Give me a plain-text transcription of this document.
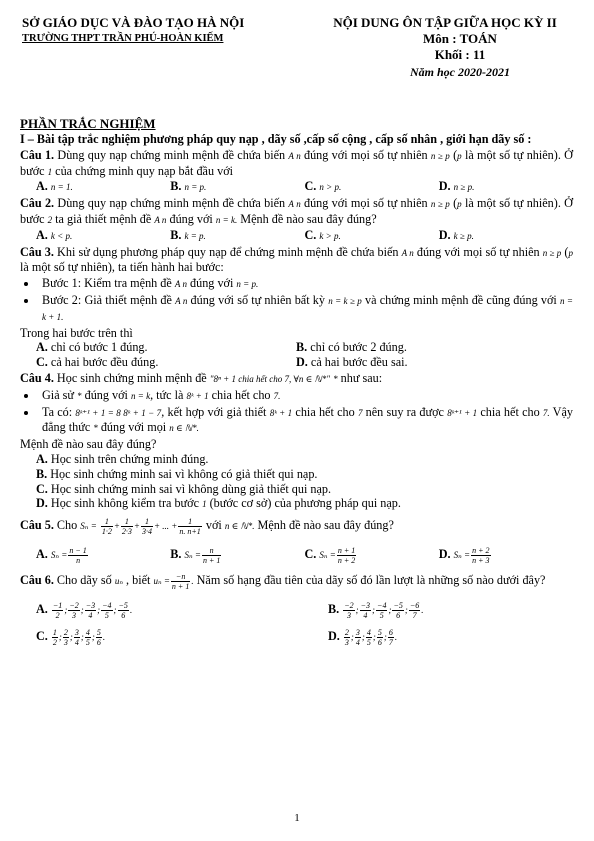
SỞ GIÁO DỤC VÀ ĐÀO TẠO HÀ NỘI
TRƯỜNG THPT TRẦN PHÚ-HOÀN KIẾM
NỘI DUNG ÔN TẬP GIỮA HỌC KỲ II
Môn : TOÁN
Khối : 11
Năm học 2020-2021
PHẦN TRẮC NGHIỆM
I – Bài tập trắc nghiệm phương pháp quy nạp , dãy số ,cấp số cộng , cấp số nhân , giới hạn dãy số :
Câu 1. Dùng quy nạp chứng minh mệnh đề chứa biến A n đúng với mọi số tự nhiên n ≥ p (p là một số tự nhiên). Ở bước 1 của chứng minh quy nạp bắt đầu với
A. n = 1.	B. n = p.	C. n > p.	D. n ≥ p.
Câu 2. Dùng quy nạp chứng minh mệnh đề chứa biến A n đúng với mọi số tự nhiên n ≥ p (p là một số tự nhiên). Ở bước 2 ta giả thiết mệnh đề A n đúng với n = k. Mệnh đề nào sau đây đúng?
A. k < p.	B. k = p.	C. k > p.	D. k ≥ p.
Câu 3. Khi sử dụng phương pháp quy nạp để chứng minh mệnh đề chứa biến A n đúng với mọi số tự nhiên n ≥ p (p là một số tự nhiên), ta tiến hành hai bước:
• Bước 1: Kiểm tra mệnh đề A n đúng với n = p.
• Bước 2: Giả thiết mệnh đề A n đúng với số tự nhiên bất kỳ n = k ≥ p và chứng minh mệnh đề cũng đúng với n = k + 1.
Trong hai bước trên thì
A. chỉ có bước 1 đúng.	B. chỉ có bước 2 đúng.
C. cả hai bước đều đúng.	D. cả hai bước đều sai.
Câu 4. Học sinh chứng minh mệnh đề "8ⁿ + 1 chia hết cho 7, ∀n ∈ ℕ*" * như sau:
• Giả sử * đúng với n = k, tức là 8ᵏ + 1 chia hết cho 7.
• Ta có: 8ᵏ⁺¹ + 1 = 8 8ᵏ + 1 − 7, kết hợp với giả thiết 8ᵏ + 1 chia hết cho 7 nên suy ra được 8ᵏ⁺¹ + 1 chia hết cho 7. Vậy đẳng thức * đúng với mọi n ∈ ℕ*.
Mệnh đề nào sau đây đúng?
A. Học sinh trên chứng minh đúng.
B. Học sinh chứng minh sai vì không có giả thiết qui nạp.
C. Học sinh chứng minh sai vì không dùng giả thiết qui nạp.
D. Học sinh không kiểm tra bước 1 (bước cơ sở) của phương pháp qui nạp.
Câu 5. Cho $S_n = \frac{1}{1\cdot 2} + \frac{1}{2\cdot 3} + \frac{1}{3\cdot 4}$ + ... + $\frac{1}{n. n+1}$ với n ∈ ℕ*. Mệnh đề nào sau đây đúng?
A. $S_n = \frac{n - 1}{n}$	B. $S_n = \frac{n}{n + 1}$	C. $S_n = \frac{n + 1}{n + 2}$	D. $S_n = \frac{n + 2}{n + 3}$
Câu 6. Cho dãy số uₙ , biết $u_n = \frac{-n}{n + 1}$ . Năm số hạng đầu tiên của dãy số đó lần lượt là những số nào dưới đây?
A. $\frac{-1}{2}$ ; $\frac{-2}{3}$ ; $\frac{-3}{4}$ ; $\frac{-4}{5}$ ; $\frac{-5}{6}$ .	B. $\frac{-2}{3}$ ; $\frac{-3}{4}$ ; $\frac{-4}{5}$ ; $\frac{-5}{6}$ ; $\frac{-6}{7}$ .
C. $\frac{1}{2}$ ; $\frac{2}{3}$ ; $\frac{3}{4}$ ; $\frac{4}{5}$ ; $\frac{5}{6}$ .	D. $\frac{2}{3}$ ; $\frac{3}{4}$ ; $\frac{4}{5}$ ; $\frac{5}{6}$ ; $\frac{6}{7}$ .
1
